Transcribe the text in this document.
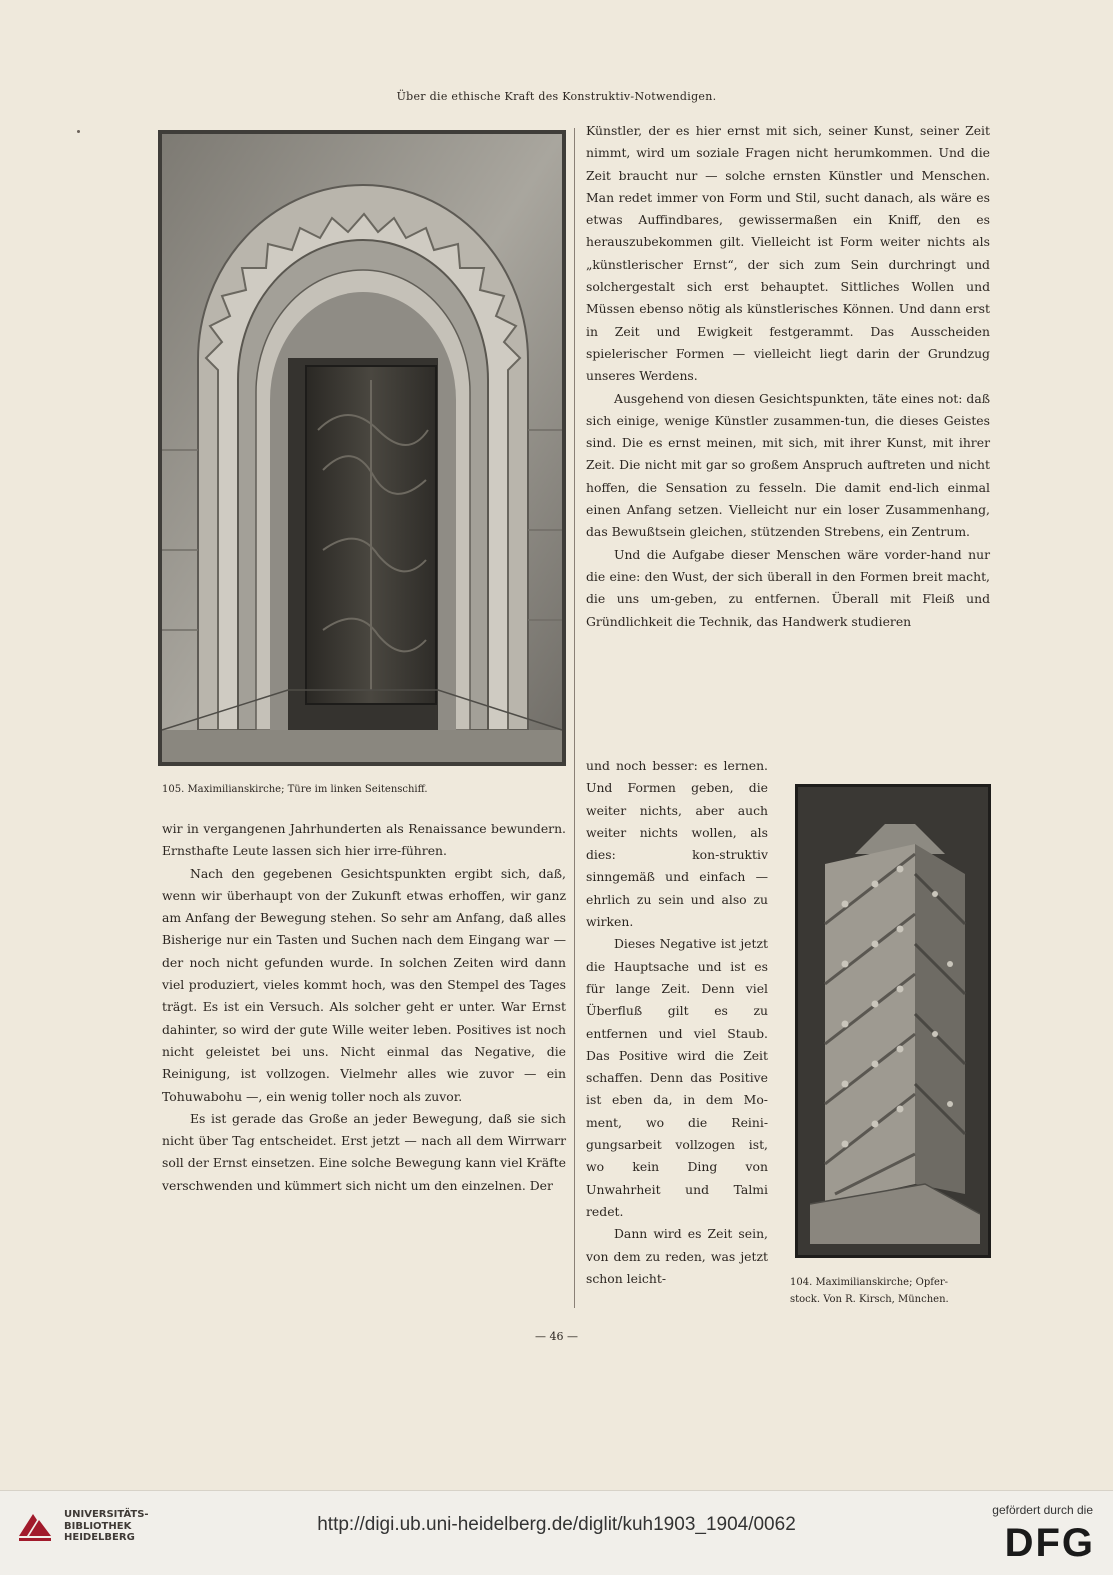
Über die ethische Kraft des Konstruktiv-Notwendigen.
105. Maximilianskirche; Türe im linken Seitenschiff.
104. Maximilianskirche; Opfer-
stock. Von R. Kirsch, München.

wir in vergangenen Jahrhunderten als Renaissance bewundern. Ernsthafte Leute lassen sich hier irre-führen.

Nach den gegebenen Gesichtspunkten ergibt sich, daß, wenn wir überhaupt von der Zukunft etwas erhoffen, wir ganz am Anfang der Bewegung stehen. So sehr am Anfang, daß alles Bisherige nur ein Tasten und Suchen nach dem Eingang war — der noch nicht gefunden wurde. In solchen Zeiten wird dann viel produziert, vieles kommt hoch, was den Stempel des Tages trägt. Es ist ein Versuch. Als solcher geht er unter. War Ernst dahinter, so wird der gute Wille weiter leben. Positives ist noch nicht geleistet bei uns. Nicht einmal das Negative, die Reinigung, ist vollzogen. Vielmehr alles wie zuvor — ein Tohuwabohu —, ein wenig toller noch als zuvor.

Es ist gerade das Große an jeder Bewegung, daß sie sich nicht über Tag entscheidet. Erst jetzt — nach all dem Wirrwarr soll der Ernst einsetzen. Eine solche Bewegung kann viel Kräfte verschwenden und kümmert sich nicht um den einzelnen. Der

Künstler, der es hier ernst mit sich, seiner Kunst, seiner Zeit nimmt, wird um soziale Fragen nicht herumkommen. Und die Zeit braucht nur — solche ernsten Künstler und Menschen. Man redet immer von Form und Stil, sucht danach, als wäre es etwas Auffindbares, gewissermaßen ein Kniff, den es herauszubekommen gilt. Vielleicht ist Form weiter nichts als „künstlerischer Ernst“, der sich zum Sein durchringt und solchergestalt sich erst behauptet. Sittliches Wollen und Müssen ebenso nötig als künstlerisches Können. Und dann erst in Zeit und Ewigkeit festgerammt. Das Ausscheiden spielerischer Formen — vielleicht liegt darin der Grundzug unseres Werdens.

Ausgehend von diesen Gesichtspunkten, täte eines not: daß sich einige, wenige Künstler zusammen-tun, die dieses Geistes sind. Die es ernst meinen, mit sich, mit ihrer Kunst, mit ihrer Zeit. Die nicht mit gar so großem Anspruch auftreten und nicht hoffen, die Sensation zu fesseln. Die damit end-lich einmal einen Anfang setzen. Vielleicht nur ein loser Zusammenhang, das Bewußtsein gleichen, stützenden Strebens, ein Zentrum.

Und die Aufgabe dieser Menschen wäre vorder-hand nur die eine: den Wust, der sich überall in den Formen breit macht, die uns um-geben, zu entfernen. Überall mit Fleiß und Gründlichkeit die Technik, das Handwerk studieren

und noch besser: es lernen. Und Formen geben, die weiter nichts, aber auch weiter nichts wollen, als dies: kon-struktiv sinngemäß und einfach — ehrlich zu sein und also zu wirken.

Dieses Negative ist jetzt die Hauptsache und ist es für lange Zeit. Denn viel Überfluß gilt es zu entfernen und viel Staub. Das Positive wird die Zeit schaffen. Denn das Positive ist eben da, in dem Mo-ment, wo die Reini-gungsarbeit vollzogen ist, wo kein Ding von Unwahrheit und Talmi redet.

Dann wird es Zeit sein, von dem zu reden, was jetzt schon leicht-

— 46 —
UNIVERSITÄTS-
BIBLIOTHEK
HEIDELBERG
http://digi.ub.uni-heidelberg.de/diglit/kuh1903_1904/0062
gefördert durch die
DFG
